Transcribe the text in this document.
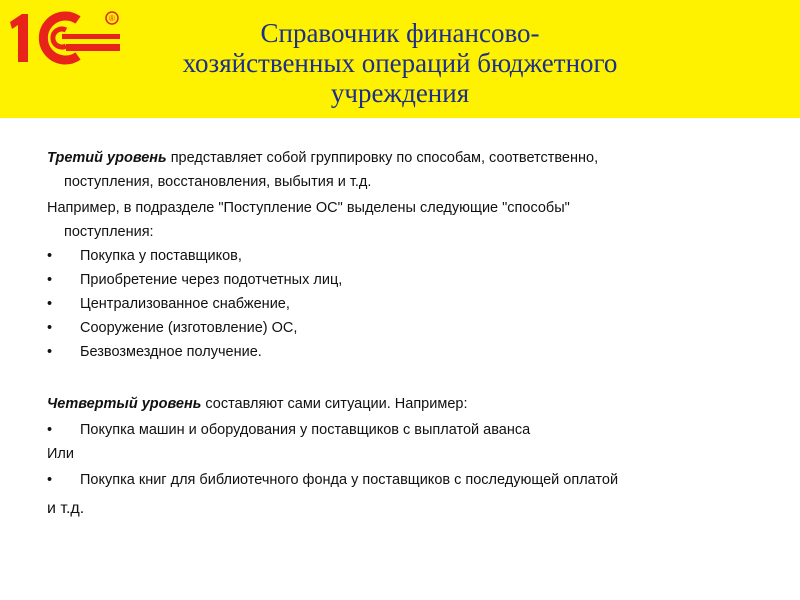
®	Справочник финансово-
хозяйственных операций бюджетного
учреждения
Третий уровень представляет собой группировку по способам, соответственно,
поступления, восстановления, выбытия и т.д.
Например, в подразделе "Поступление ОС" выделены следующие "способы"
поступления:
• Покупка у поставщиков,
• Приобретение через подотчетных лиц,
• Централизованное снабжение,
• Сооружение (изготовление) ОС,
• Безвозмездное получение.
Четвертый уровень составляют сами ситуации. Например:
• Покупка машин и оборудования у поставщиков с выплатой аванса
Или
• Покупка книг для библиотечного фонда у поставщиков с последующей оплатой
и т.д.
